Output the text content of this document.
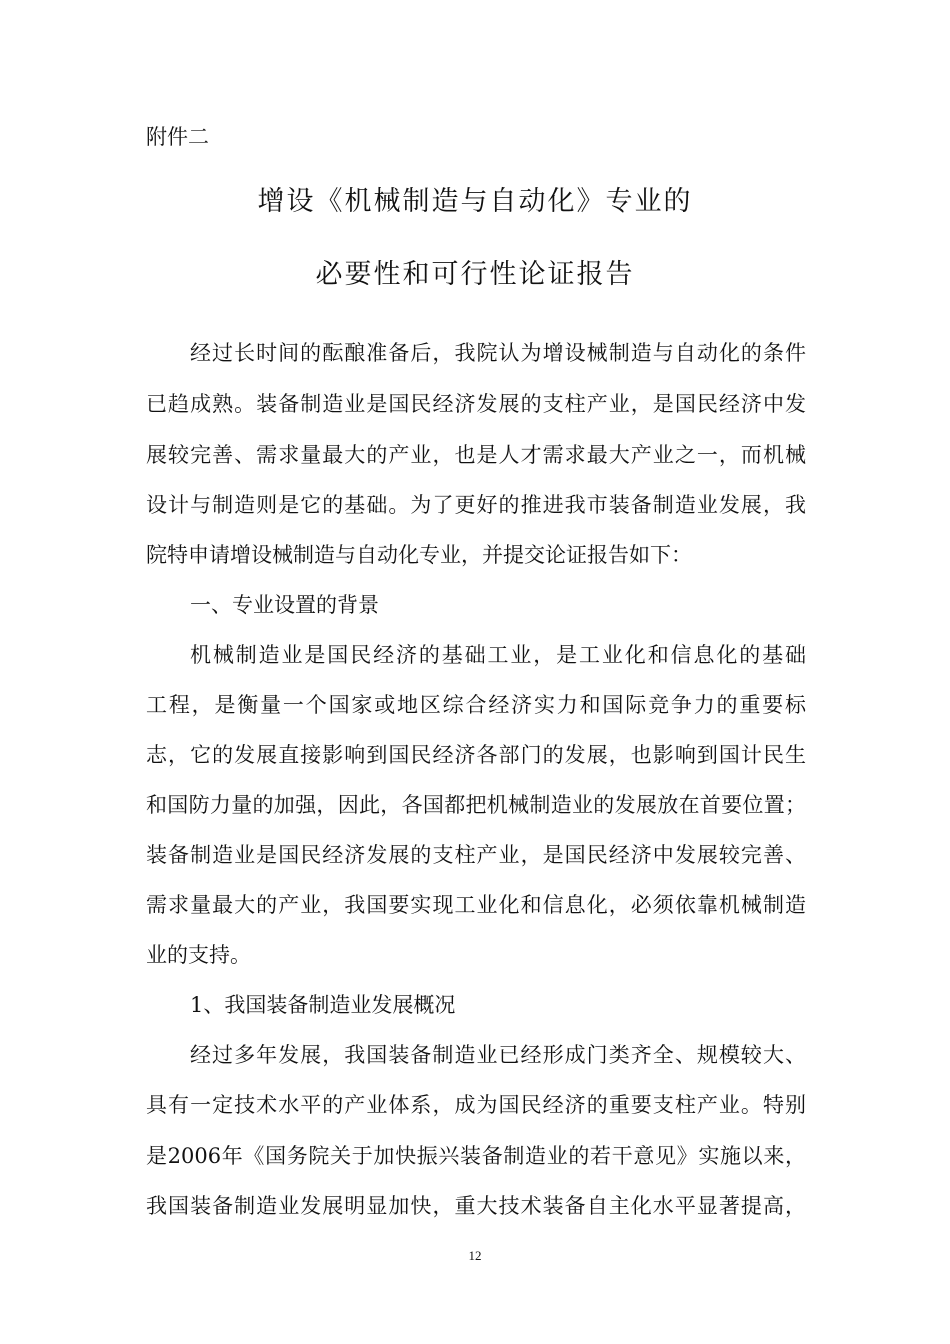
附件二
增设《机械制造与自动化》专业的
必要性和可行性论证报告
经过长时间的酝酿准备后，我院认为增设械制造与自动化的条件
已趋成熟。装备制造业是国民经济发展的支柱产业，是国民经济中发
展较完善、需求量最大的产业，也是人才需求最大产业之一，而机械
设计与制造则是它的基础。为了更好的推进我市装备制造业发展，我
院特申请增设械制造与自动化专业，并提交论证报告如下：
一、专业设置的背景
机械制造业是国民经济的基础工业，是工业化和信息化的基础
工程，是衡量一个国家或地区综合经济实力和国际竞争力的重要标
志，它的发展直接影响到国民经济各部门的发展，也影响到国计民生
和国防力量的加强，因此，各国都把机械制造业的发展放在首要位置；
装备制造业是国民经济发展的支柱产业，是国民经济中发展较完善、
需求量最大的产业，我国要实现工业化和信息化，必须依靠机械制造
业的支持。
1、我国装备制造业发展概况
经过多年发展，我国装备制造业已经形成门类齐全、规模较大、
具有一定技术水平的产业体系，成为国民经济的重要支柱产业。特别
是2006年《国务院关于加快振兴装备制造业的若干意见》实施以来，
我国装备制造业发展明显加快，重大技术装备自主化水平显著提高，
12
